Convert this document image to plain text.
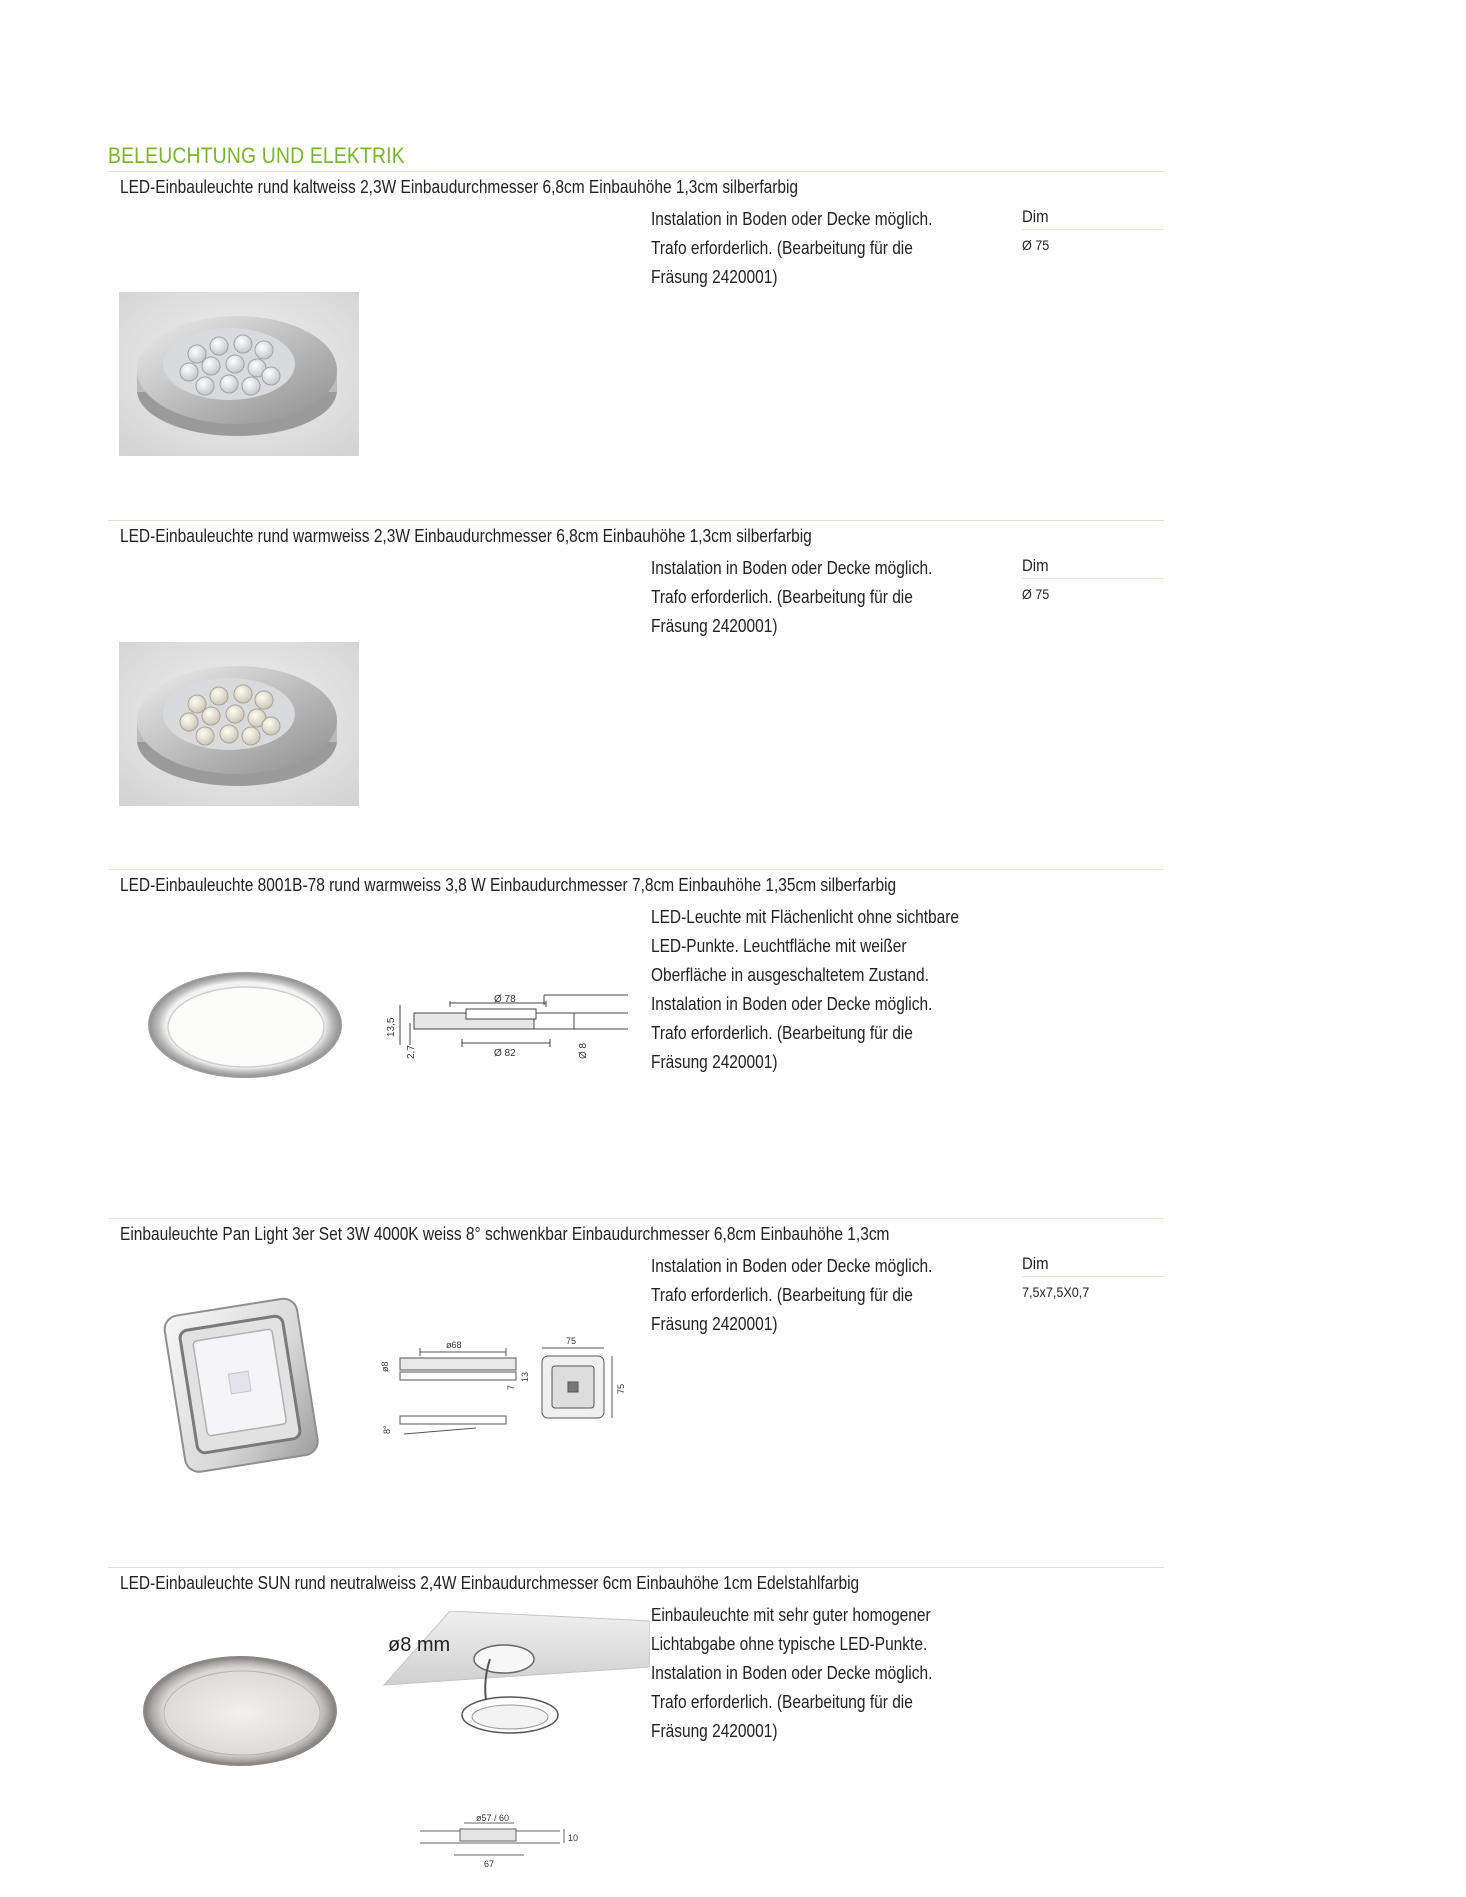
BELEUCHTUNG UND ELEKTRIK
LED-Einbauleuchte rund kaltweiss 2,3W Einbaudurchmesser 6,8cm Einbauhöhe 1,3cm silberfarbig
Instalation in Boden oder Decke möglich. Trafo erforderlich. (Bearbeitung für die Fräsung 2420001)
Dim
Ø 75
LED-Einbauleuchte rund warmweiss 2,3W Einbaudurchmesser 6,8cm Einbauhöhe 1,3cm silberfarbig
Instalation in Boden oder Decke möglich. Trafo erforderlich. (Bearbeitung für die Fräsung 2420001)
Dim
Ø 75
LED-Einbauleuchte 8001B-78 rund warmweiss 3,8 W Einbaudurchmesser 7,8cm Einbauhöhe 1,35cm silberfarbig
LED-Leuchte mit Flächenlicht ohne sichtbare LED-Punkte. Leuchtfläche mit weißer Oberfläche in ausgeschaltetem Zustand. Instalation in Boden oder Decke möglich. Trafo erforderlich. (Bearbeitung für die Fräsung 2420001)
Ø 78
Ø 82
13,5
2,7	Ø 8
Einbauleuchte Pan Light 3er Set 3W 4000K weiss 8° schwenkbar Einbaudurchmesser 6,8cm Einbauhöhe 1,3cm
Instalation in Boden oder Decke möglich. Trafo erforderlich. (Bearbeitung für die Fräsung 2420001)
Dim
7,5x7,5X0,7
ø68
ø8
7
13
8°
75
75
LED-Einbauleuchte SUN rund neutralweiss 2,4W Einbaudurchmesser 6cm Einbauhöhe 1cm Edelstahlfarbig
Einbauleuchte mit sehr guter homogener Lichtabgabe ohne typische LED-Punkte. Instalation in Boden oder Decke möglich. Trafo erforderlich. (Bearbeitung für die Fräsung 2420001)
ø8 mm
ø57 / 60
67
10
